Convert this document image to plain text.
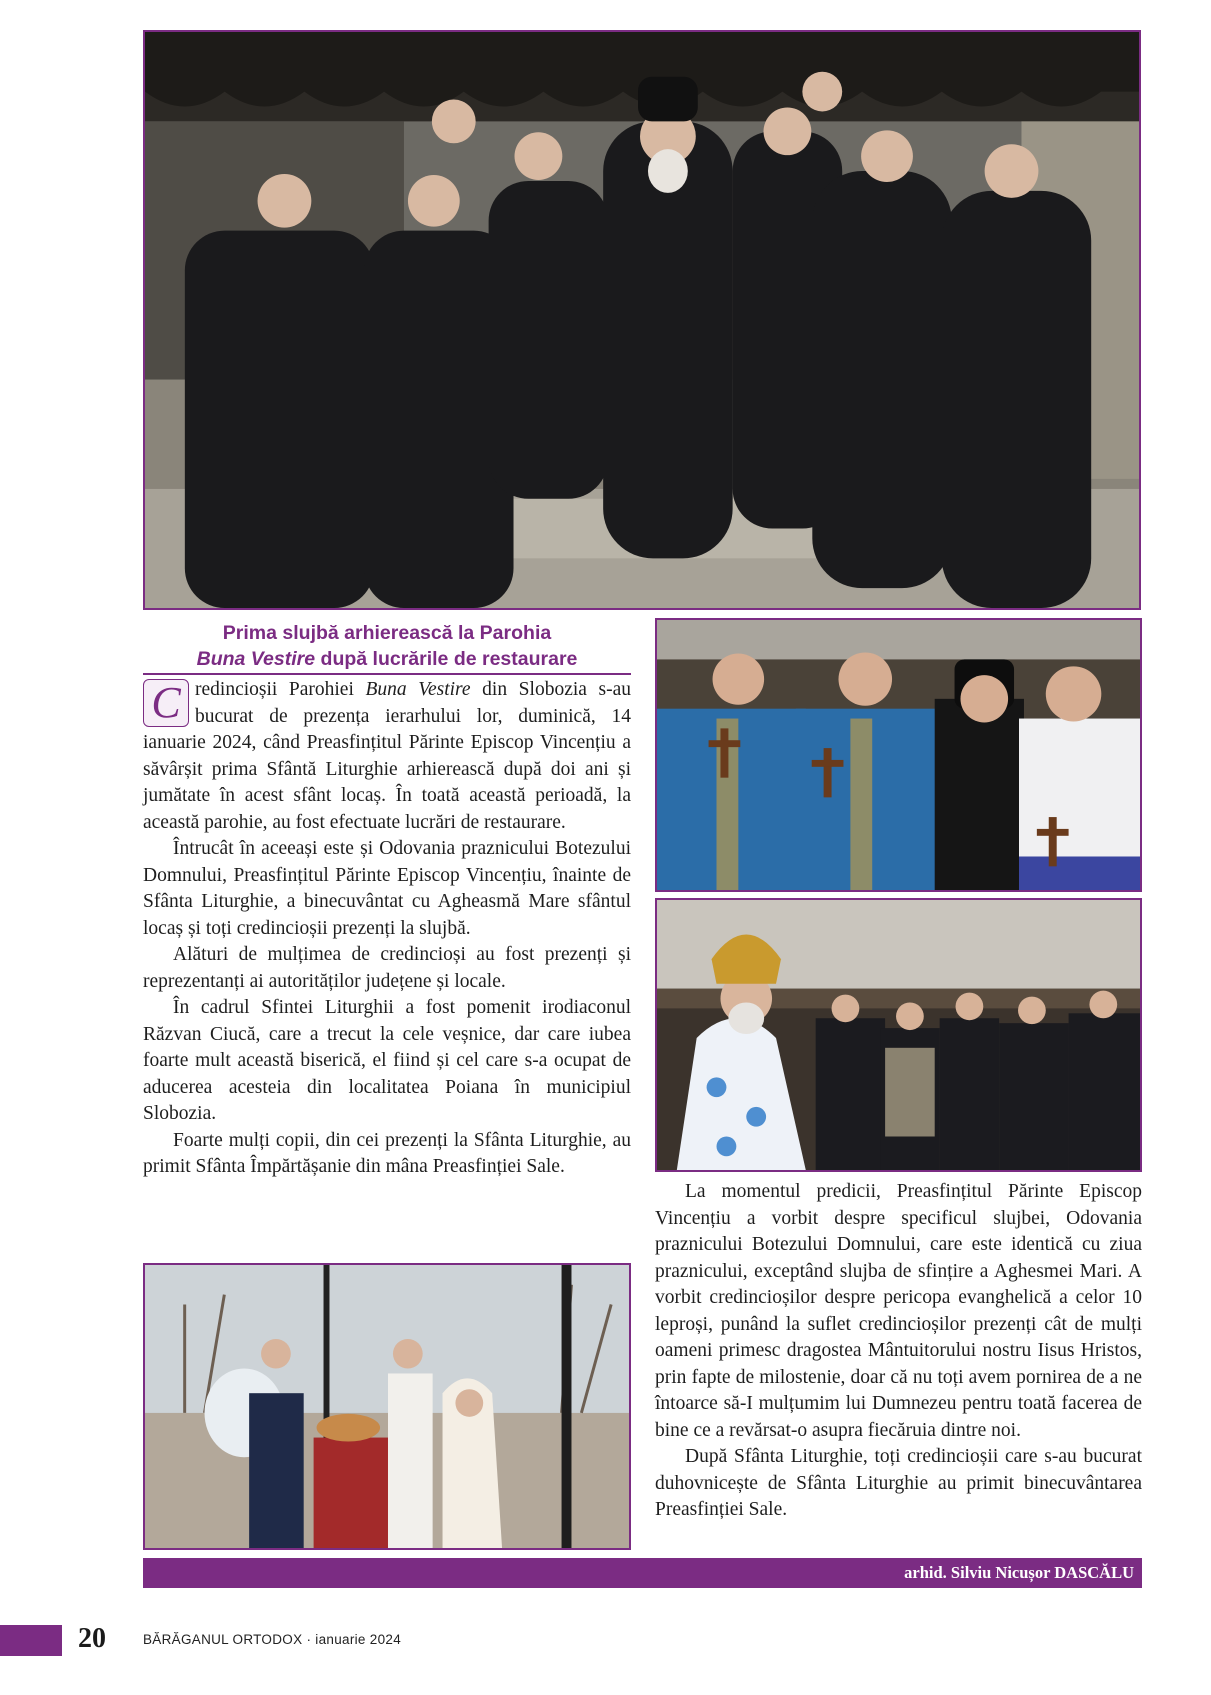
Prima slujbă arhierească la Parohia
Buna Vestire după lucrările de restaurare

C redincioșii Parohiei Buna Vestire din Slobozia s-au bucurat de prezența ierarhului lor, duminică, 14 ianuarie 2024, când Preasfințitul Părinte Episcop Vincențiu a săvârșit prima Sfântă Liturghie arhierească după doi ani și jumătate în acest sfânt locaș. În toată această perioadă, la această parohie, au fost efectuate lucrări de restaurare.

Întrucât în aceeași este și Odovania praznicului Botezului Domnului, Preasfințitul Părinte Episcop Vincențiu, înainte de Sfânta Liturghie, a binecuvântat cu Agheasmă Mare sfântul locaș și toți credincioșii prezenți la slujbă.

Alături de mulțimea de credincioși au fost prezenți și reprezentanți ai autorităților județene și locale.

În cadrul Sfintei Liturghii a fost pomenit irodiaconul Răzvan Ciucă, care a trecut la cele veșnice, dar care iubea foarte mult această biserică, el fiind și cel care s-a ocupat de aducerea acesteia din localitatea Poiana în municipiul Slobozia.

Foarte mulți copii, din cei prezenți la Sfânta Liturghie, au primit Sfânta Împărtășanie din mâna Preasfinției Sale.

La momentul predicii, Preasfințitul Părinte Episcop Vincențiu a vorbit despre specificul slujbei, Odovania praznicului Botezului Domnului, care este identică cu ziua praznicului, exceptând slujba de sfințire a Aghesmei Mari. A vorbit credincioșilor despre pericopa evanghelică a celor 10 leproși, punând la suflet credincioșilor prezenți cât de mulți oameni primesc dragostea Mântuitorului nostru Iisus Hristos, prin fapte de milostenie, doar că nu toți avem pornirea de a ne întoarce să-I mulțumim lui Dumnezeu pentru toată facerea de bine ce a revărsat-o asupra fiecăruia dintre noi.

După Sfânta Liturghie, toți credincioșii care s-au bucurat duhovnicește de Sfânta Liturghie au primit binecuvântarea Preasfinției Sale.

arhid. Silviu Nicușor DASCĂLU
20	BĂRĂGANUL ORTODOX · ianuarie 2024
